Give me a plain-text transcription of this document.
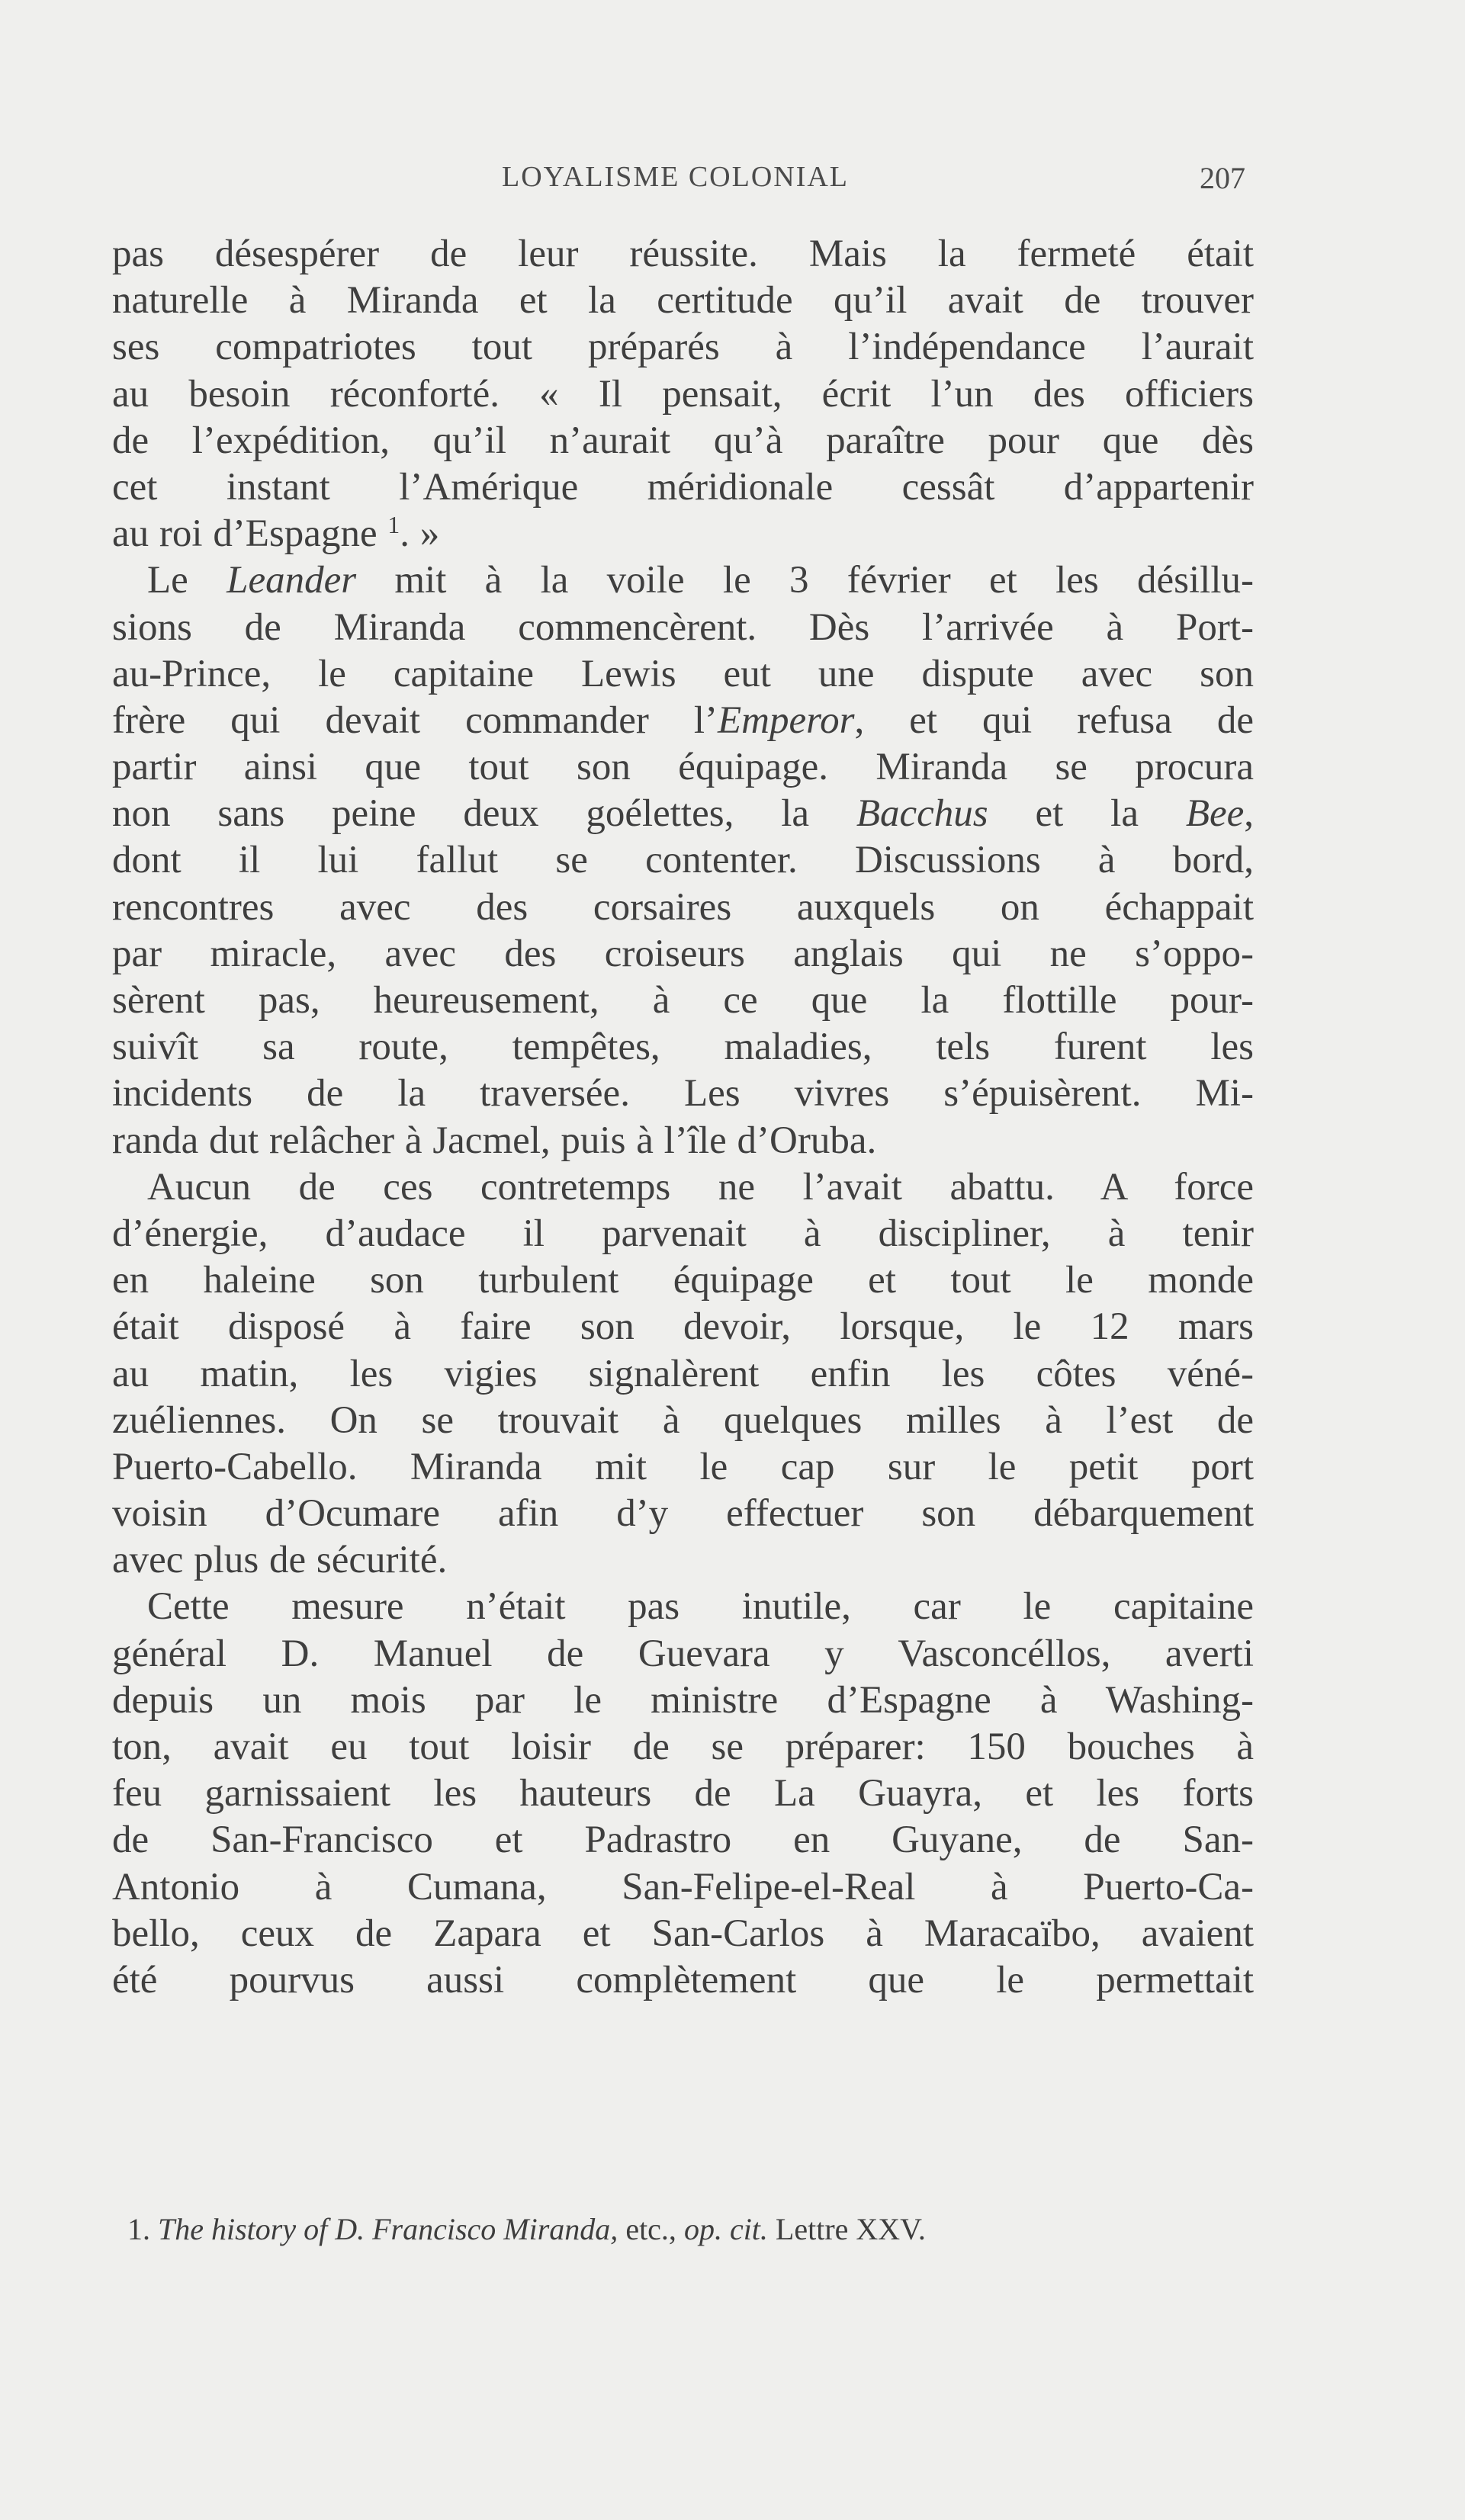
LOYALISME COLONIAL	207
pas désespérer de leur réussite. Mais la fermeté était
naturelle à Miranda et la certitude qu’il avait de trouver
ses compatriotes tout préparés à l’indépendance l’aurait
au besoin réconforté. « Il pensait, écrit l’un des officiers
de l’expédition, qu’il n’aurait qu’à paraître pour que dès
cet instant l’Amérique méridionale cessât d’appartenir
au roi d’Espagne $^1$. »
Le Leander mit à la voile le 3 février et les désillu-
sions de Miranda commencèrent. Dès l’arrivée à Port-
au-Prince, le capitaine Lewis eut une dispute avec son
frère qui devait commander l’Emperor, et qui refusa de
partir ainsi que tout son équipage. Miranda se procura
non sans peine deux goélettes, la Bacchus et la Bee,
dont il lui fallut se contenter. Discussions à bord,
rencontres avec des corsaires auxquels on échappait
par miracle, avec des croiseurs anglais qui ne s’oppo-
sèrent pas, heureusement, à ce que la flottille pour-
suivît sa route, tempêtes, maladies, tels furent les
incidents de la traversée. Les vivres s’épuisèrent. Mi-
randa dut relâcher à Jacmel, puis à l’île d’Oruba.
Aucun de ces contretemps ne l’avait abattu. A force
d’énergie, d’audace il parvenait à discipliner, à tenir
en haleine son turbulent équipage et tout le monde
était disposé à faire son devoir, lorsque, le 12 mars
au matin, les vigies signalèrent enfin les côtes véné-
zuéliennes. On se trouvait à quelques milles à l’est de
Puerto-Cabello. Miranda mit le cap sur le petit port
voisin d’Ocumare afin d’y effectuer son débarquement
avec plus de sécurité.
Cette mesure n’était pas inutile, car le capitaine
général D. Manuel de Guevara y Vasconcéllos, averti
depuis un mois par le ministre d’Espagne à Washing-
ton, avait eu tout loisir de se préparer: 150 bouches à
feu garnissaient les hauteurs de La Guayra, et les forts
de San-Francisco et Padrastro en Guyane, de San-
Antonio à Cumana, San-Felipe-el-Real à Puerto-Ca-
bello, ceux de Zapara et San-Carlos à Maracaïbo, avaient
été pourvus aussi complètement que le permettait
1. The history of D. Francisco Miranda, etc., op. cit. Lettre XXV.
